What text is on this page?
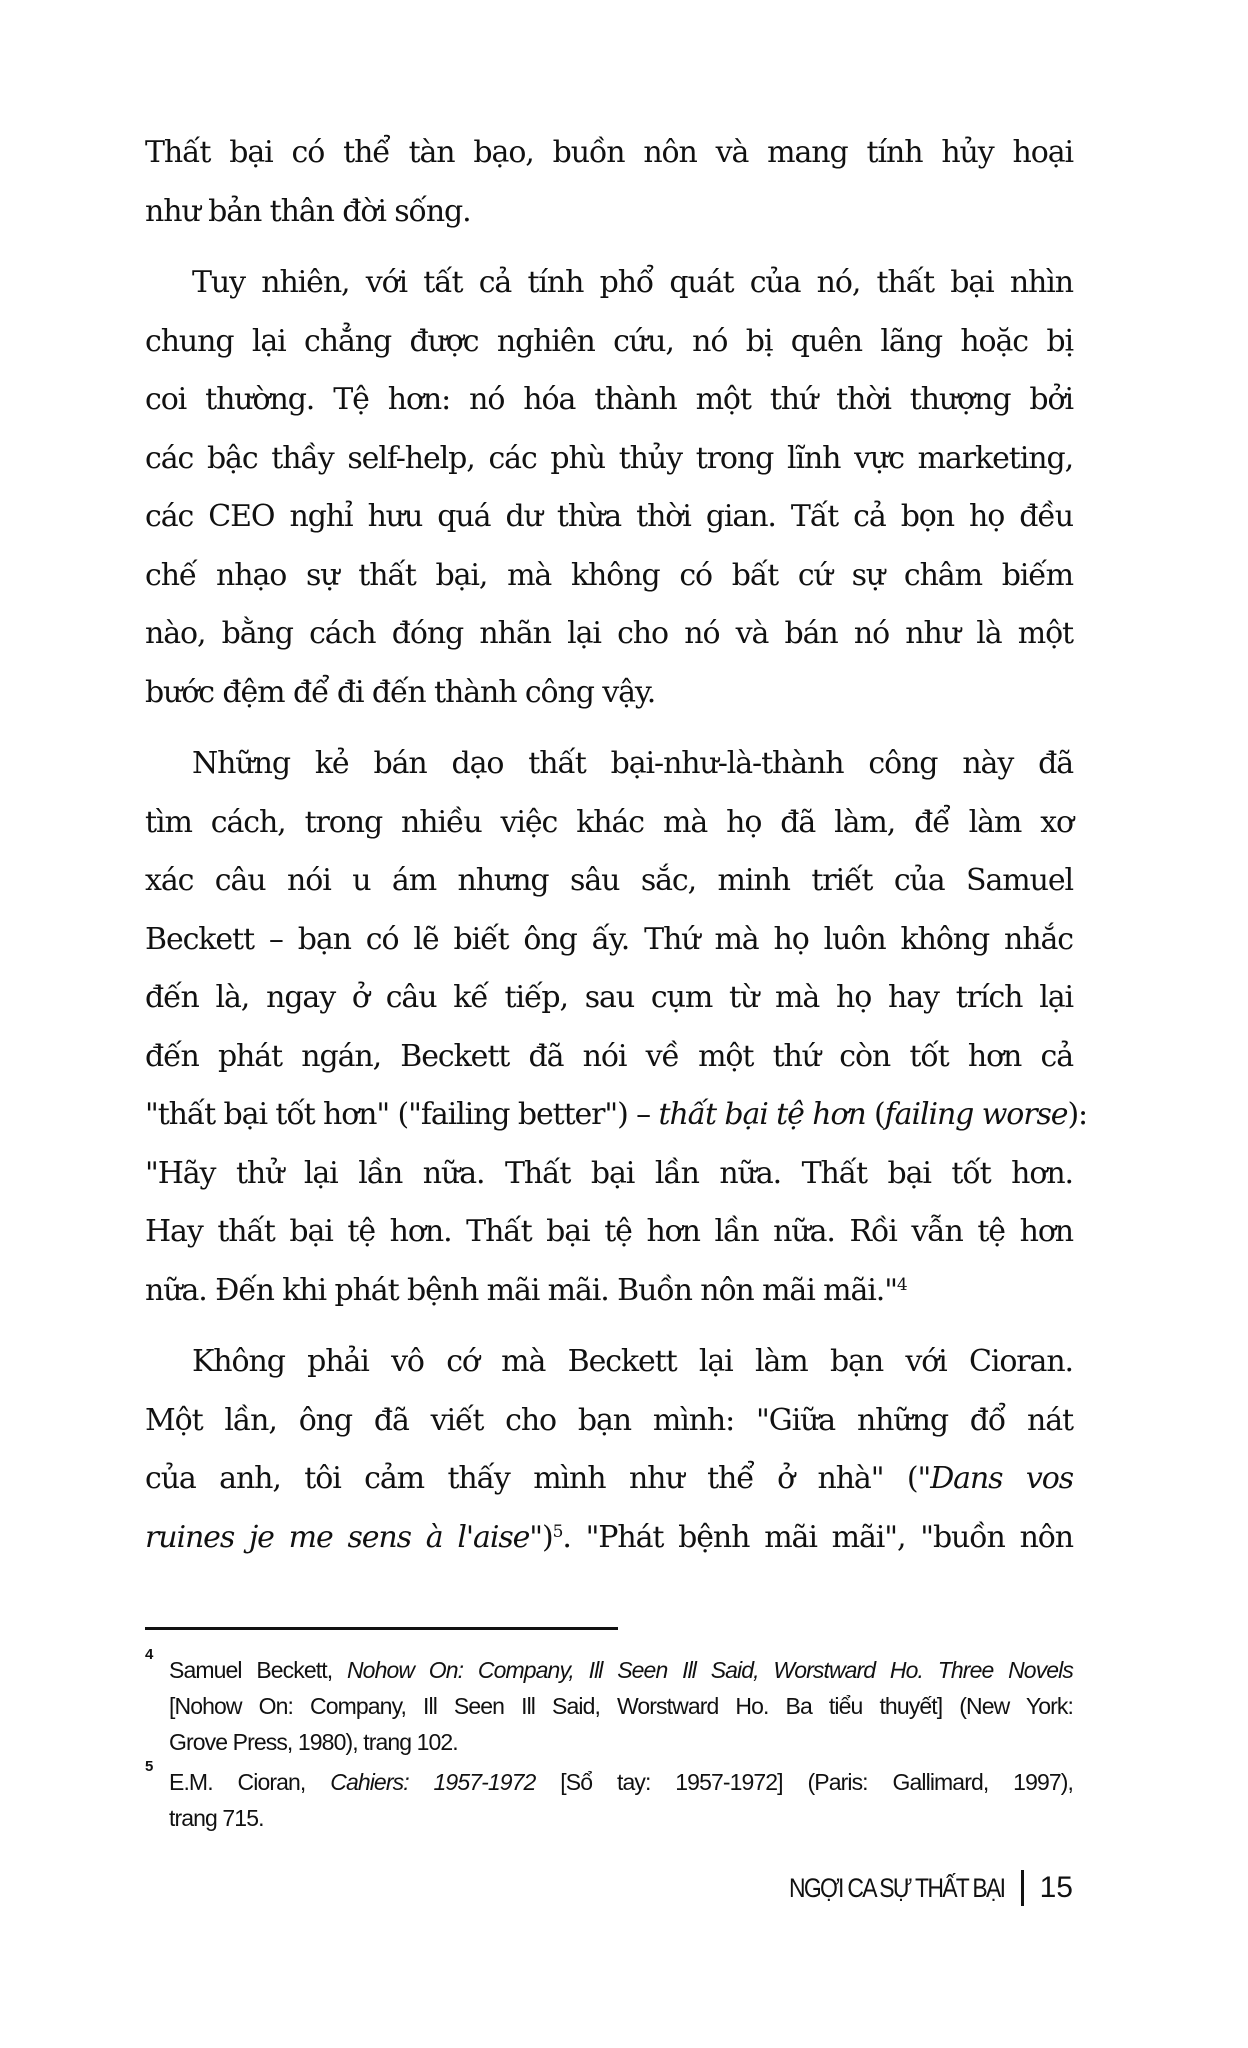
Thất bại có thể tàn bạo, buồn nôn và mang tính hủy hoại
như bản thân đời sống.
Tuy nhiên, với tất cả tính phổ quát của nó, thất bại nhìn
chung lại chẳng được nghiên cứu, nó bị quên lãng hoặc bị
coi thường. Tệ hơn: nó hóa thành một thứ thời thượng bởi
các bậc thầy self-help, các phù thủy trong lĩnh vực marketing,
các CEO nghỉ hưu quá dư thừa thời gian. Tất cả bọn họ đều
chế nhạo sự thất bại, mà không có bất cứ sự châm biếm
nào, bằng cách đóng nhãn lại cho nó và bán nó như là một
bước đệm để đi đến thành công vậy.
Những kẻ bán dạo thất bại-như-là-thành công này đã
tìm cách, trong nhiều việc khác mà họ đã làm, để làm xơ
xác câu nói u ám nhưng sâu sắc, minh triết của Samuel
Beckett – bạn có lẽ biết ông ấy. Thứ mà họ luôn không nhắc
đến là, ngay ở câu kế tiếp, sau cụm từ mà họ hay trích lại
đến phát ngán, Beckett đã nói về một thứ còn tốt hơn cả
"thất bại tốt hơn" ("failing better") – thất bại tệ hơn (failing worse):
"Hãy thử lại lần nữa. Thất bại lần nữa. Thất bại tốt hơn.
Hay thất bại tệ hơn. Thất bại tệ hơn lần nữa. Rồi vẫn tệ hơn
nữa. Đến khi phát bệnh mãi mãi. Buồn nôn mãi mãi."$^4$
Không phải vô cớ mà Beckett lại làm bạn với Cioran.
Một lần, ông đã viết cho bạn mình: "Giữa những đổ nát
của anh, tôi cảm thấy mình như thể ở nhà" ("Dans vos
ruines je me sens à l'aise")$^5$. "Phát bệnh mãi mãi", "buồn nôn
4
Samuel Beckett, Nohow On: Company, Ill Seen Ill Said, Worstward Ho. Three Novels
[Nohow On: Company, Ill Seen Ill Said, Worstward Ho. Ba tiểu thuyết] (New York:
Grove Press, 1980), trang 102.
5
E.M. Cioran, Cahiers: 1957-1972 [Sổ tay: 1957-1972] (Paris: Gallimard, 1997),
trang 715.
NGỢI CA SỰ THẤT BẠI 15
